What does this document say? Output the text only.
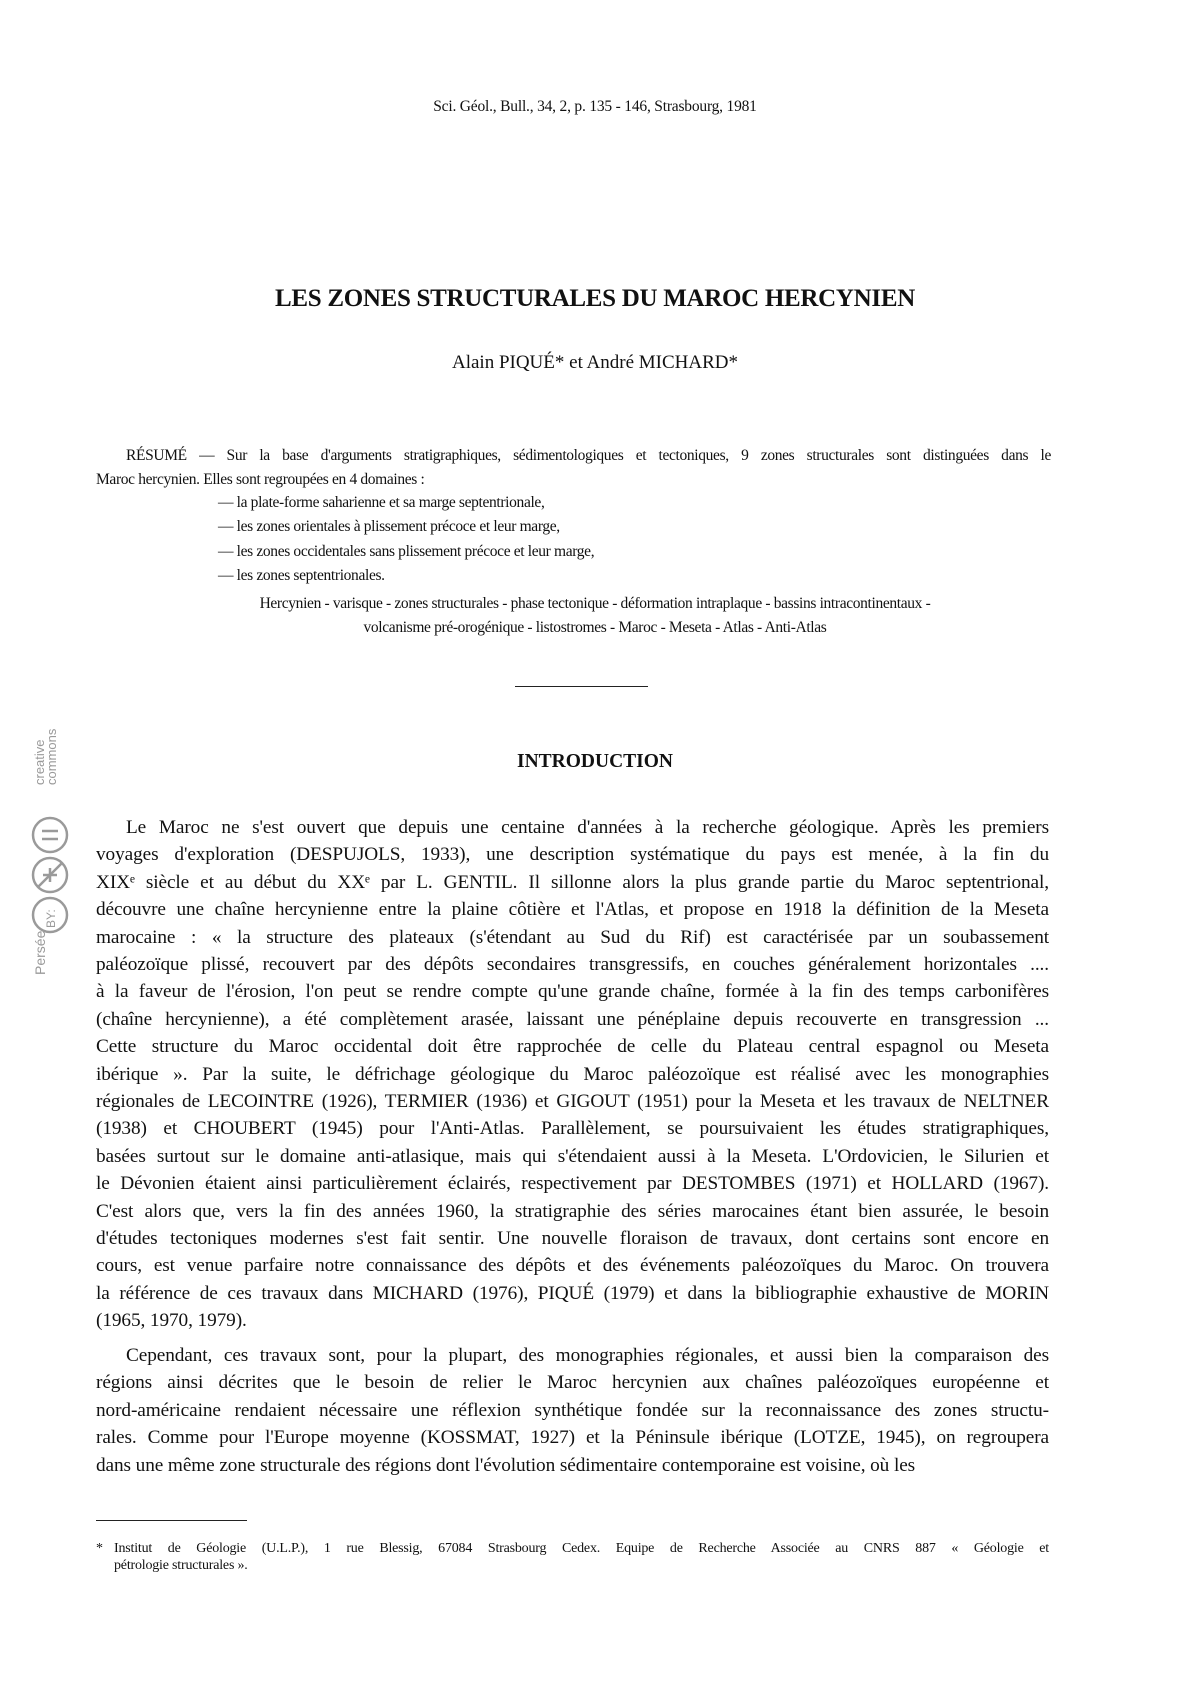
Sci. Géol., Bull., 34, 2, p. 135 - 146, Strasbourg, 1981
LES ZONES STRUCTURALES DU MAROC HERCYNIEN
Alain PIQUÉ* et André MICHARD*
RÉSUMÉ — Sur la base d'arguments stratigraphiques, sédimentologiques et tectoniques, 9 zones structurales sont distinguées dans le
Maroc hercynien. Elles sont regroupées en 4 domaines :
— la plate-forme saharienne et sa marge septentrionale,
— les zones orientales à plissement précoce et leur marge,
— les zones occidentales sans plissement précoce et leur marge,
— les zones septentrionales.
Hercynien - varisque - zones structurales - phase tectonique - déformation intraplaque - bassins intracontinentaux -
volcanisme pré-orogénique - listostromes - Maroc - Meseta - Atlas - Anti-Atlas
INTRODUCTION
Le Maroc ne s'est ouvert que depuis une centaine d'années à la recherche géologique. Après les premiers
voyages d'exploration (DESPUJOLS, 1933), une description systématique du pays est menée, à la fin du
XIXᵉ siècle et au début du XXᵉ par L. GENTIL. Il sillonne alors la plus grande partie du Maroc septentrional,
découvre une chaîne hercynienne entre la plaine côtière et l'Atlas, et propose en 1918 la définition de la Meseta
marocaine : « la structure des plateaux (s'étendant au Sud du Rif) est caractérisée par un soubassement
paléozoïque plissé, recouvert par des dépôts secondaires transgressifs, en couches généralement horizontales ....
à la faveur de l'érosion, l'on peut se rendre compte qu'une grande chaîne, formée à la fin des temps carbonifères
(chaîne hercynienne), a été complètement arasée, laissant une pénéplaine depuis recouverte en transgression ...
Cette structure du Maroc occidental doit être rapprochée de celle du Plateau central espagnol ou Meseta
ibérique ». Par la suite, le défrichage géologique du Maroc paléozoïque est réalisé avec les monographies
régionales de LECOINTRE (1926), TERMIER (1936) et GIGOUT (1951) pour la Meseta et les travaux de NELTNER
(1938) et CHOUBERT (1945) pour l'Anti-Atlas. Parallèlement, se poursuivaient les études stratigraphiques,
basées surtout sur le domaine anti-atlasique, mais qui s'étendaient aussi à la Meseta. L'Ordovicien, le Silurien et
le Dévonien étaient ainsi particulièrement éclairés, respectivement par DESTOMBES (1971) et HOLLARD (1967).
C'est alors que, vers la fin des années 1960, la stratigraphie des séries marocaines étant bien assurée, le besoin
d'études tectoniques modernes s'est fait sentir. Une nouvelle floraison de travaux, dont certains sont encore en
cours, est venue parfaire notre connaissance des dépôts et des événements paléozoïques du Maroc. On trouvera
la référence de ces travaux dans MICHARD (1976), PIQUÉ (1979) et dans la bibliographie exhaustive de MORIN
(1965, 1970, 1979).
Cependant, ces travaux sont, pour la plupart, des monographies régionales, et aussi bien la comparaison des
régions ainsi décrites que le besoin de relier le Maroc hercynien aux chaînes paléozoïques européenne et
nord-américaine rendaient nécessaire une réflexion synthétique fondée sur la reconnaissance des zones structu-
rales. Comme pour l'Europe moyenne (KOSSMAT, 1927) et la Péninsule ibérique (LOTZE, 1945), on regroupera
dans une même zone structurale des régions dont l'évolution sédimentaire contemporaine est voisine, où les
* Institut de Géologie (U.L.P.), 1 rue Blessig, 67084 Strasbourg Cedex. Equipe de Recherche Associée au CNRS 887 « Géologie et
pétrologie structurales ».
Persée
BY:
creative commons
